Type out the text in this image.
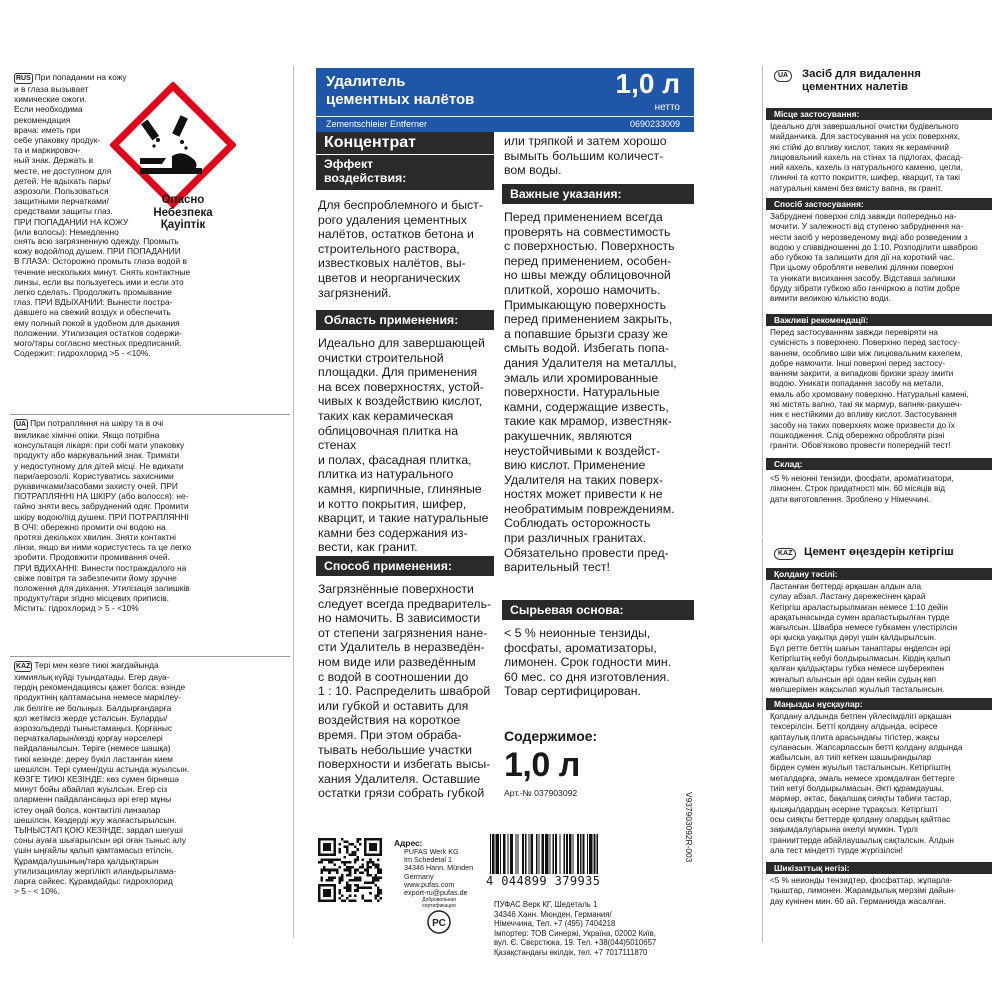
RUS При попадании на кожу
и в глаза вызывает
химические ожоги.
Если необходима
рекомендация
врача: иметь при
себе упаковку продук-
та и маркировоч-
ный знак. Держать в
месте, не доступном для
детей. Не вдыхать пары/
аэрозоли. Пользоваться
защитными перчатками/
средствами защиты глаз.
ПРИ ПОПАДАНИИ НА КОЖУ
(или волосы): Немедленно
Опасно
Небезпека
Қауіптік
снять всю загрязненную одежду. Промыть
кожу водой/под душем. ПРИ ПОПАДАНИИ
В ГЛАЗА: Осторожно промыть глаза водой в
течение нескольких минут. Снять контактные
линзы, если вы пользуетесь ими и если это
легко сделать. Продолжить промывание
глаз. ПРИ ВДЫХАНИИ: Вынести постра-
давшего на свежий воздух и обеспечить
ему полный покой в удобном для дыхания
положении. Утилизация остатков содержи-
мого/тары согласно местных предписаний.
Содержит: гидрохлорид >5 - <10%.
UA При потрапляння на шкіру та в очі
викликає хімічні опіки. Якщо потрібна
консультація лікаря: при собі мати упаковку
продукту або маркувальний знак. Тримати
у недоступному для дітей місці. Не вдихати
пари/аерозолі. Користуватись захисними
рукавичками/засобами захисту очей. ПРИ
ПОТРАПЛЯННІ НА ШКІРУ (або волосся): не-
гайно зняти весь забруднений одяг. Промити
шкіру водою/під душем. ПРИ ПОТРАПЛЯННІ
В ОЧІ: обережно промити очі водою на
протязі декількох хвилин. Зняти контактні
лінзи, якщо ви ними користуєтесь та це легко
зробити. Продовжити промивання очей.
ПРИ ВДИХАННІ: Винести постраждалого на
свіже повітря та забезпечити йому зручне
положення для дихання. Утилізація залишків
продукту/тари згідно місцевих приписів.
Містить: гідрохлорид > 5 - <10%
KAZ Тері мен көзге тиюі жағдайында
химиялық күйді туындатады. Егер дауа-
гердің рекомендациясы қажет болса: өзінде
продуктінің қаптамасына немесе маркілеу-
лік белгіге ие болыңыз. Балдырғандарға
қол жетімсіз жерде ұсталсын. Буларды/
аэрозольдерді тыныстамаңыз. Қорғаныс
перчаткаларын/көзді қорғау нәрселері
пайдаланылсын. Теріге (немесе шашқа)
тиюі кезінде: дереу бүкіл ластанған кием
шешілсін. Тері сумен/душ астында жуылсын.
КӨЗГЕ ТИЮІ КЕЗІНДЕ: көз сумен бірнешә
минут бойы абайлап жуылсын. Егер сіз
оларменн пайдалансаңыз әрі егер мұны
істеу оңай болса, контактілі линзалар
шешілсін. Көздерді жуу жалғастырылсын.
ТЫНЫСТАП ҚОЮ КЕЗІНДЕ: зардап шегуші
соны ауаға шығарылсын әрі оған тыныс алу
үшін ыңғайлы қалып қамтамасыз етілсін.
Құрамдалушының/тара қалдықтарын
утилизациялау жергілікті иландырылама-
ларға сәйкес. Құрамдайды: гидрохлорид
> 5 - < 10%.
Удалитель
цементных налётов
1,0 л
нетто
Zementschleier Entferner	0690233009
Концентрат
Эффект
воздействия:
Для беспроблемного и быст-
рого удаления цементных
налётов, остатков бетона и
строительного раствора,
известковых налётов, вы-
цветов и неорганических
загрязнений.
Область применения:
Идеально для завершающей
очистки строительной
площадки. Для применения
на всех поверхностях, устой-
чивых к воздействию кислот,
таких как керамическая
облицовочная плитка на стенах
и полах, фасадная плитка,
плитка из натурального
камня, кирпичные, глиняные
и котто покрытия, шифер,
кварцит, и такие натуральные
камни без содержания из-
вести, как гранит.
Способ применения:
Загрязнённые поверхности
следует всегда предваритель-
но намочить. В зависимости
от степени загрязнения нане-
сти Удалитель в неразведён-
ном виде или разведённым
с водой в соотношении до
1 : 10. Распределить шваброй
или губкой и оставить для
воздействия на короткое
время. При этом обраба-
тывать небольшие участки
поверхности и избегать высы-
хания Удалителя. Оставшие
остатки грязи собрать губкой
или тряпкой и затем хорошо
вымыть большим количест-
вом воды.
Важные указания:
Перед применением всегда
проверять на совместимость
с поверхностью. Поверхность
перед применением, особен-
но швы между облицовочной
плиткой, хорошо намочить.
Примыкающую поверхность
перед применением закрыть,
а попавшие брызги сразу же
смыть водой. Избегать попа-
дания Удалителя на металлы,
эмаль или хромированные
поверхности. Натуральные
камни, содержащие известь,
такие как мрамор, известняк-
ракушечник, являются
неустойчивыми к воздейст-
вию кислот. Применение
Удалителя на таких поверх-
ностях может привести к не
необратимым повреждениям.
Соблюдать осторожность
при различных гранитах.
Обязательно провести пред-
варительный тест!
Сырьевая основа:
< 5 % неионные тензиды,
фосфаты, ароматизаторы,
лимонен. Срок годности мин.
60 мес. со дня изготовления.
Товар сертифицирован.
Содержимое:
1,0 л
Арт.-№ 037903092	V937903092R-003
Адрес:
PUFAS Werk KG
Im Schedetal 1
34346 Hann. Münden
Germany
www.pufas.com
export-ru@pufas.de
Добровольная
сертификация
РС
4 044899 379935
ПУФАС Верк КГ, Шедеталь 1
34346 Ханн. Мюнден, Германия/
Німеччина, Тел. +7 (495) 7404218
Імпортер: ТОВ Синержі, Україна, 02002 Київ,
вул. Є. Свєрстюка, 19. Тел. +38(044)5010657
Қазақстандағы өкілдік, тел. +7 7017111870
UA	Засіб для видалення
цементних налетів
Місце застосування:
Ідеально для завершальної очистки будівельного
майданчика. Для застосування на усіх поверхнях,
які стійкі до впливу кислот, таких як керамічний
лицювальний кахель на стінах та підлогах, фасад-
ний кахель, кахель із натурального каменю, цегли,
глиняні та котто покриття, шифер, кварцит, та такі
натуральні камені без вмісту вапна, як граніт.
Спосіб застосування:
Забруднені поверхні слід завжди попередньо на-
мочити. У залежності від ступеню забруднення на-
нести засіб у нерозведеному виді або розведеним з
водою у співвідношенні до 1:10. Розподілити шваброю
або губкою та залишити для дії на короткий час.
При цьому обробляти невеликі ділянки поверхні
та уникати висихання засобу. Відставші залишки
бруду зібрати губкою або ганчіркою а потім добре
вимити великою кількістю води.
Важливі рекомендації:
Перед застосуванням завжди перевіряти на
сумісність з поверхнею. Поверхню перед застосу-
ванням, особливо шви між лицювальним кахелем,
добре намочити. Інші поверхні перед застосу-
ванням закрити, а випадкові бризки зразу змити
водою. Уникати попадання засобу на метали,
емаль або хромовану поверхню. Натуральні камені,
які містять вапно, такі як мармур, вапняк-ракушеч-
ник є нестійкими до впливу кислот. Застосування
засобу на таких поверхнях може призвести до їх
пошкодження. Слід обережно обробляти різні
граніти. Обов'язково провести попередній тест!
Склад:
<5 % неіонні тензиди, фосфати, ароматизатори,
лімонен. Строк придатності мін. 60 місяців від
дати виготовлення. Зроблено у Німеччині.
KAZ	Цемент өңездерін кетіргіш
Қолдану тәсілі:
Ластанған беттерді әрқашан алдын ала
сулау абзал. Ластану дәрежесінен қарай
Кетіргіш араластырылмаған немесе 1:10 дейін
арақатынасында сумен араластырылған түрде
жағылсын. Швабра немесе губкамен үлестірілсін
әрі қысқа уақытқа дәруі үшін қалдырылсын.
Бұл ретте беттің шағын танаптары өңделсін әрі
Кетіргіштің кебуі болдырылмасын. Кірдің қалып
қалған қалдықтары губка немесе шүберекпен
жиналып алынсын әрі одан кейін судың көп
мөлшерімен жақсылап жуылып тасталынсын.
Маңызды нұсқаулар:
Қолдану алдында бетпен үйлесімділігі әрқашан
тексерілсін. Бетті қолдану алдында, әсіресе
қаптаулық плита арасындағы тігістер, жақсы
суланасын. Жапсарлассын бетті қолдану алдында
жабылсын, ал тиіп кеткен шашырандылар
бірден сумен жуылып тасталынсын. Кетіргіштің
металдарға, эмаль немесе хромдалған беттерге
тиіп кетуі болдырылмасын. Әкті құрамдаушы,
мәрмәр, әктас, бақалшақ сияқты табиғи тастар,
қышқылдардың әсеріне тұрақсыз. Кетіргішті
осы сияқты беттерде қолдану олардың қайтпас
зақымдалуларына әкелуі мүмкін. Түрлі
гранииттерде абайлаушылық сақталсын. Алдын
ала тест міндетті түрде жүргізілсін!
Шикізаттық негізі:
<5 % неионды тензидтер, фосфаттар, жұпарла-
тқыштар, лимонен. Жарамдылық мерзімі дайын-
дау күнінен мин. 60 ай. Германияда жасалған.
